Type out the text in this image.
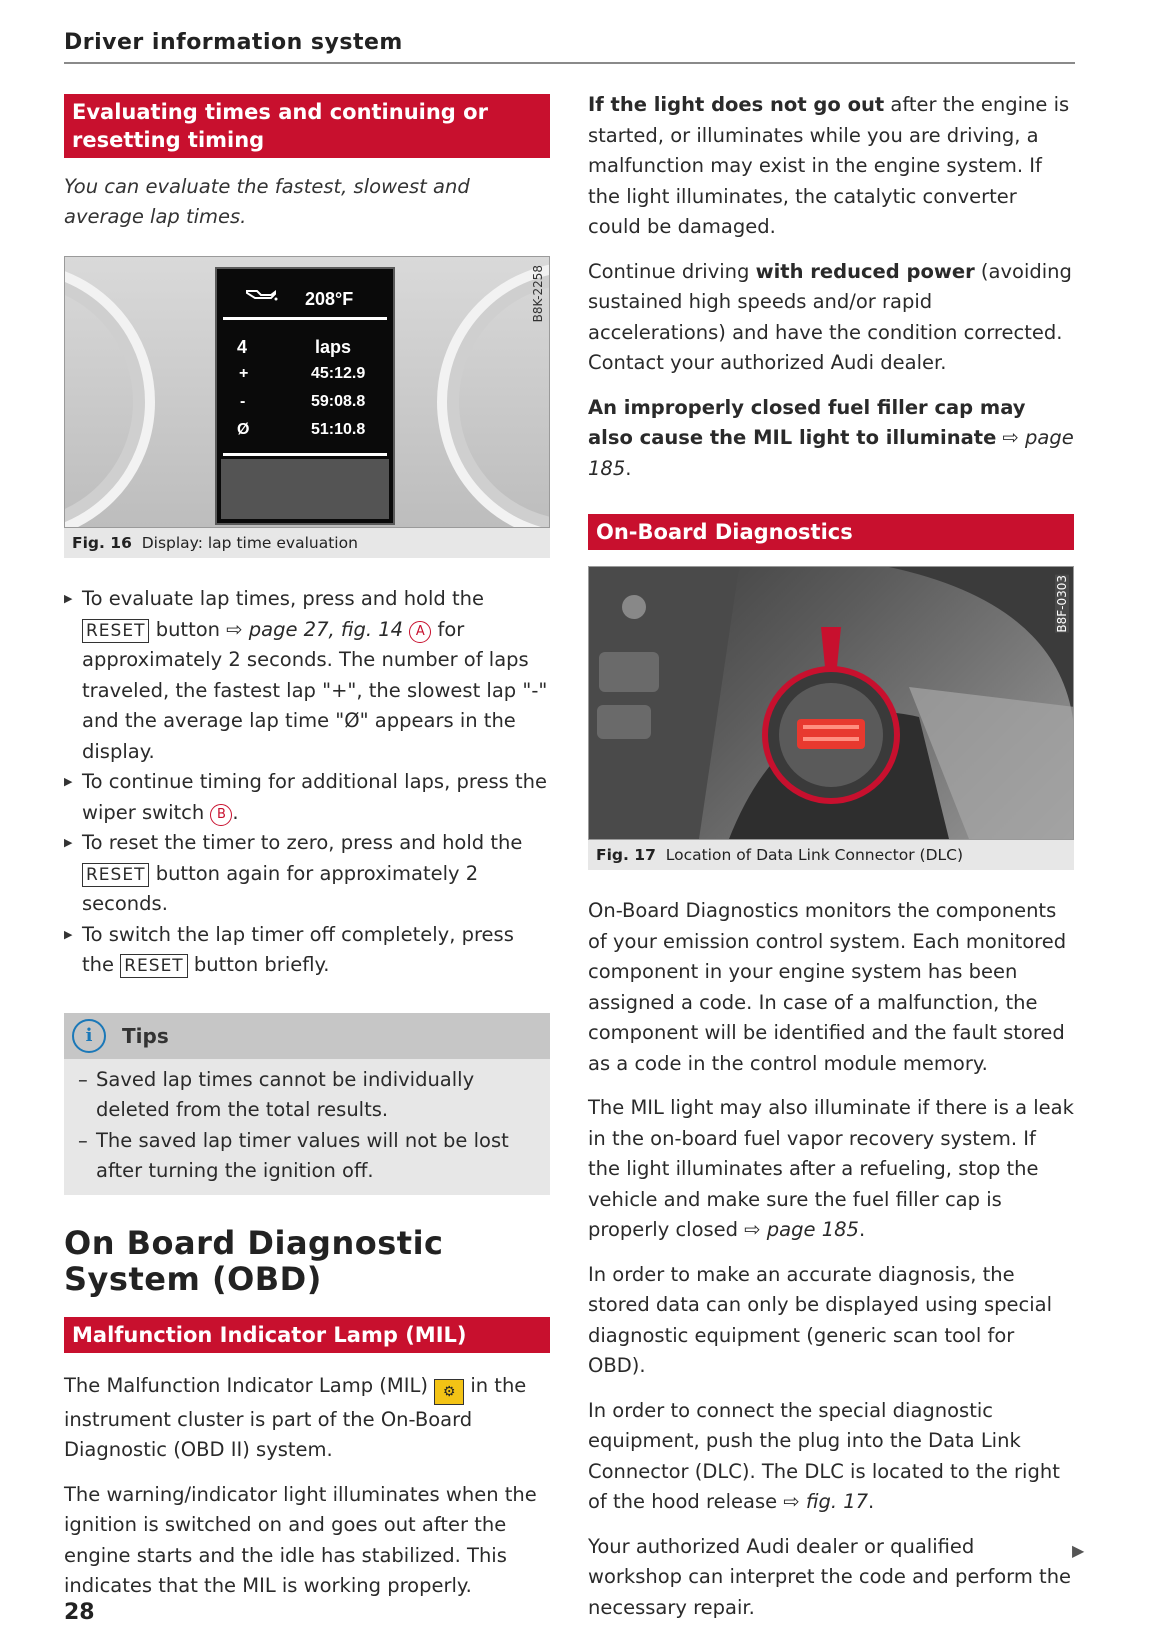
Driver information system
Evaluating times and continuing or resetting timing
You can evaluate the fastest, slowest and average lap times.
208°F
4	laps
+	45:12.9
-	59:08.8
Ø	51:10.8
B8K-2258
Fig. 16 Display: lap time evaluation
▶ To evaluate lap times, press and hold the RESET button ⇨ page 27, fig. 14 A for approximately 2 seconds. The number of laps traveled, the fastest lap "+", the slowest lap "-" and the average lap time "Ø" appears in the display.
▶ To continue timing for additional laps, press the wiper switch B .
▶ To reset the timer to zero, press and hold the RESET button again for approximately 2 seconds.
▶ To switch the lap timer off completely, press the RESET button briefly.
i	Tips
– Saved lap times cannot be individually deleted from the total results.
– The saved lap timer values will not be lost after turning the ignition off.
On Board Diagnostic System (OBD)
Malfunction Indicator Lamp (MIL)

The Malfunction Indicator Lamp (MIL) ⚙ in the instrument cluster is part of the On-Board Diagnostic (OBD II) system.

The warning/indicator light illuminates when the ignition is switched on and goes out after the engine starts and the idle has stabilized. This indicates that the MIL is working properly.

If the light does not go out after the engine is started, or illuminates while you are driving, a malfunction may exist in the engine system. If the light illuminates, the catalytic converter could be damaged.

Continue driving with reduced power (avoiding sustained high speeds and/or rapid accelerations) and have the condition corrected. Contact your authorized Audi dealer.

An improperly closed fuel filler cap may also cause the MIL light to illuminate ⇨ page 185.

On-Board Diagnostics
B8F-0303
Fig. 17 Location of Data Link Connector (DLC)

On-Board Diagnostics monitors the components of your emission control system. Each monitored component in your engine system has been assigned a code. In case of a malfunction, the component will be identified and the fault stored as a code in the control module memory.

The MIL light may also illuminate if there is a leak in the on-board fuel vapor recovery system. If the light illuminates after a refueling, stop the vehicle and make sure the fuel filler cap is properly closed ⇨ page 185.

In order to make an accurate diagnosis, the stored data can only be displayed using special diagnostic equipment (generic scan tool for OBD).

In order to connect the special diagnostic equipment, push the plug into the Data Link Connector (DLC). The DLC is located to the right of the hood release ⇨ fig. 17.

Your authorized Audi dealer or qualified workshop can interpret the code and perform the necessary repair.

▶
28
